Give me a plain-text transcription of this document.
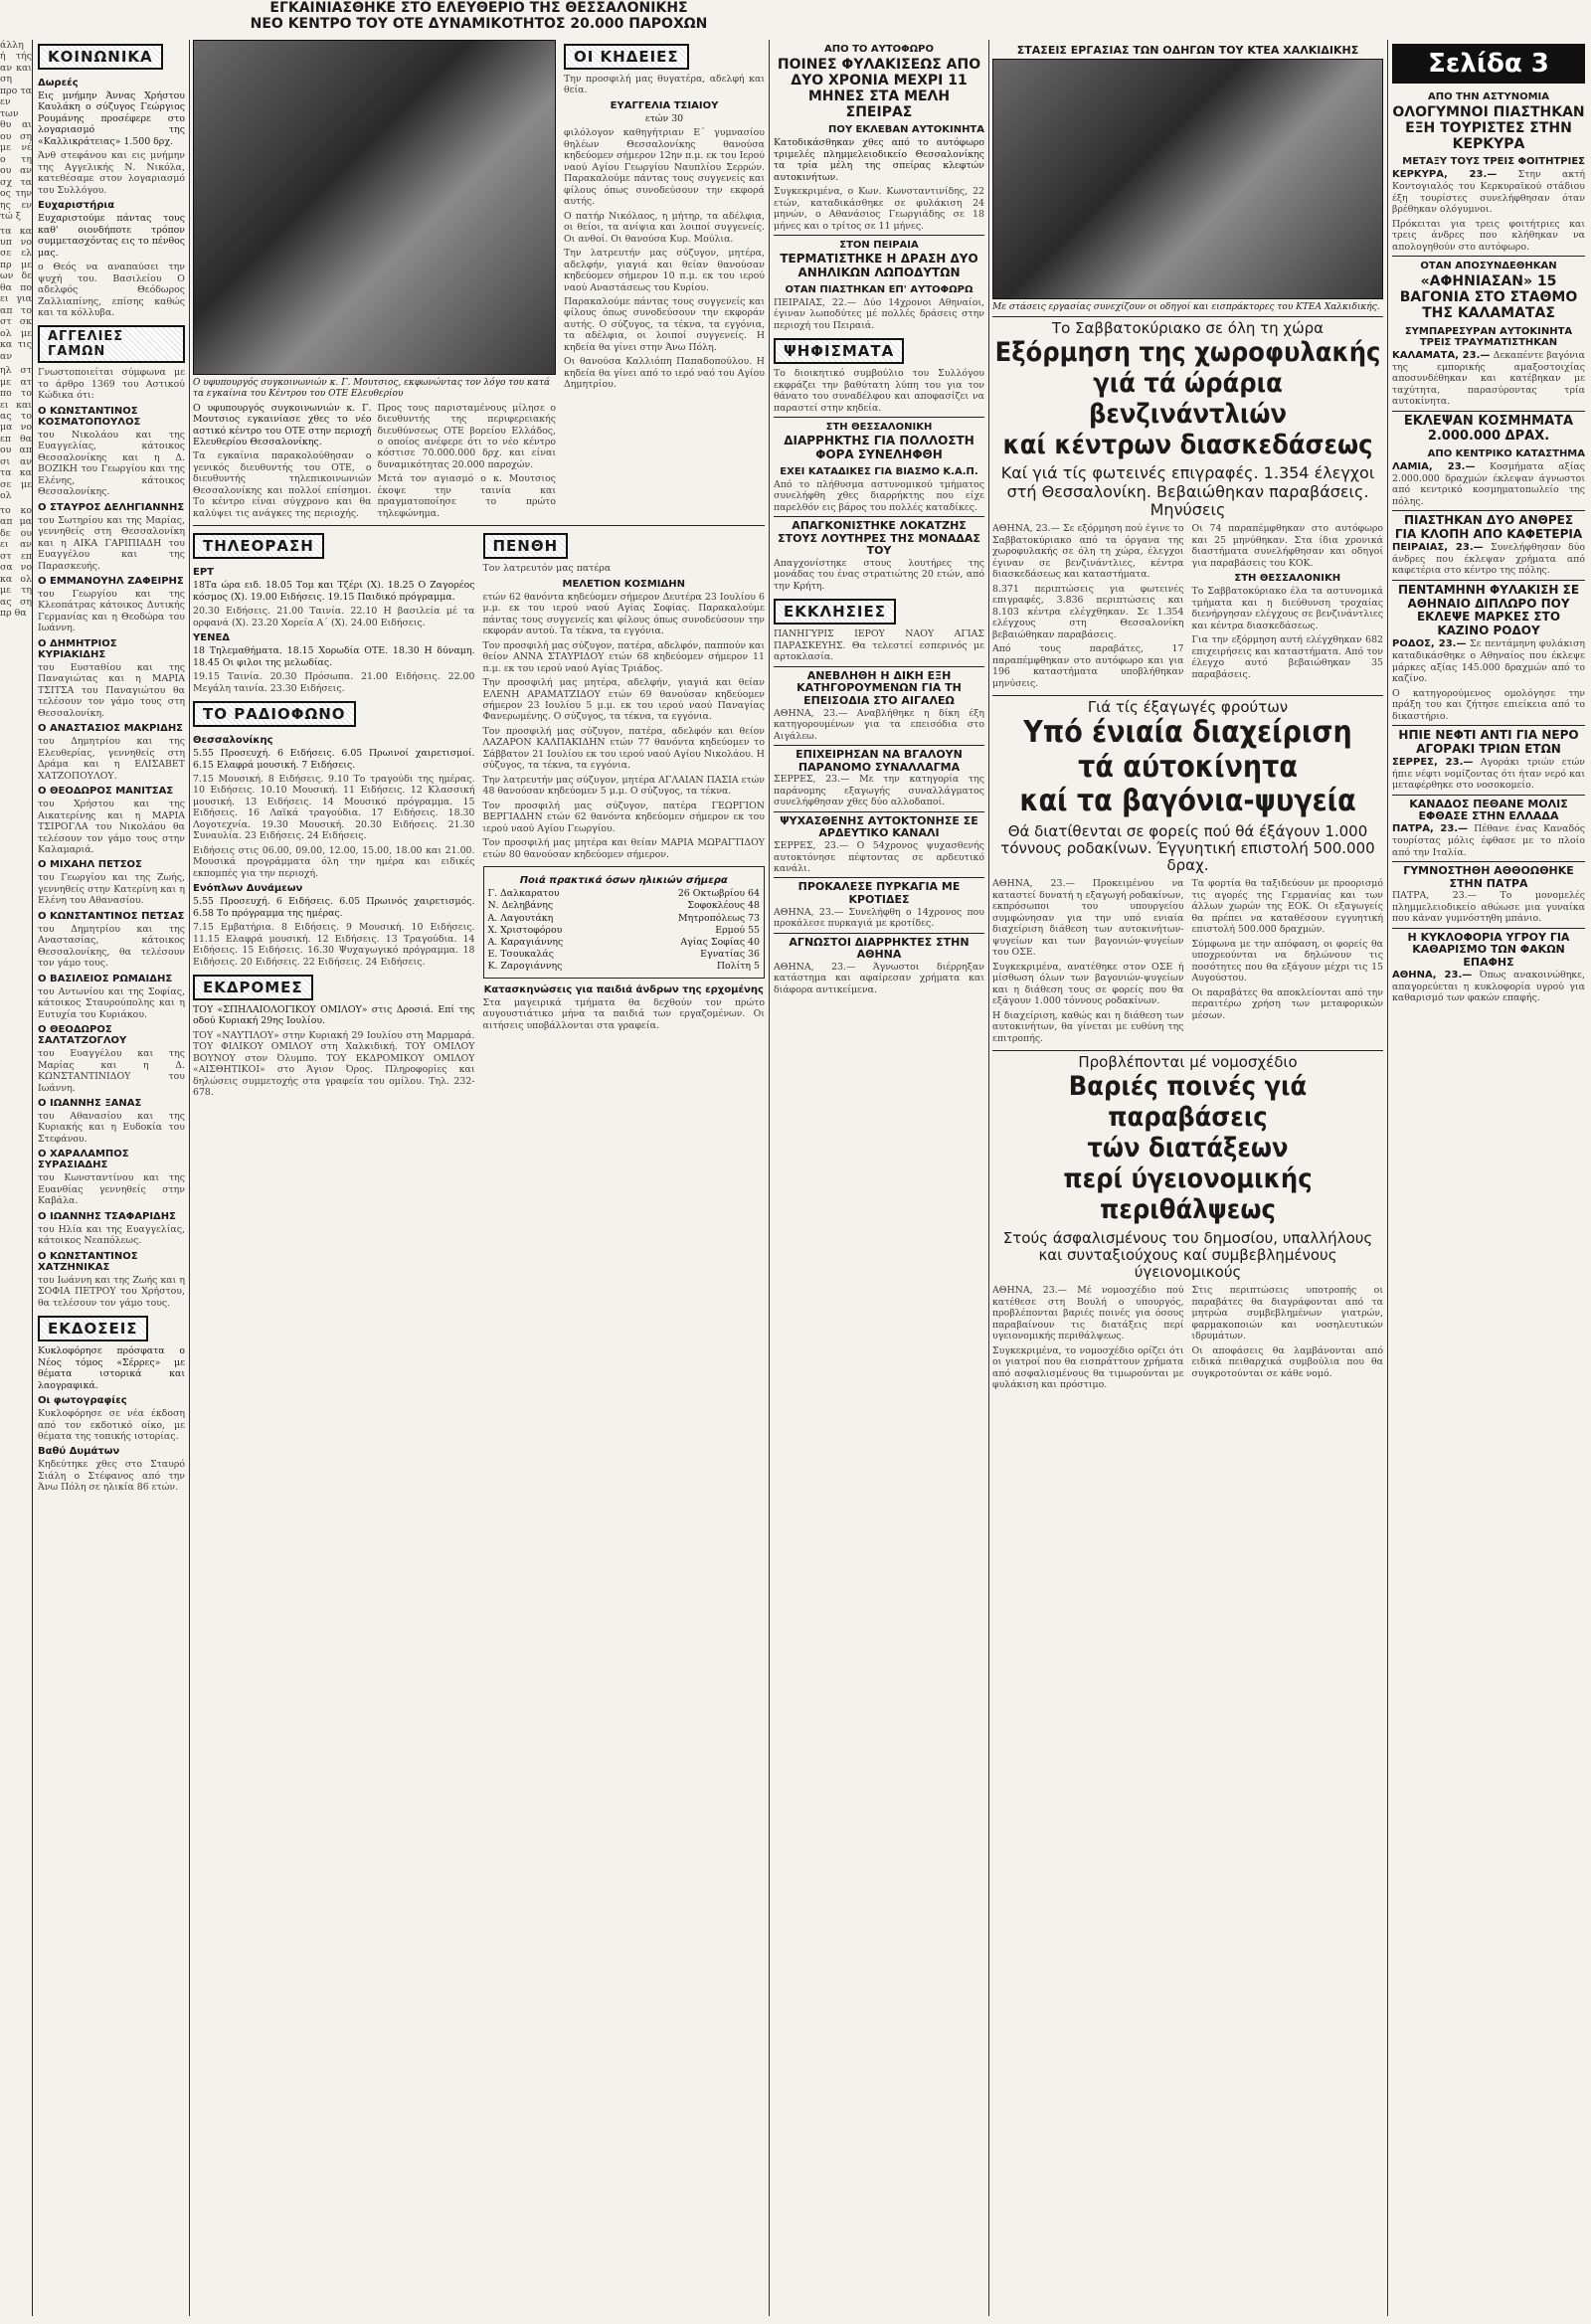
άλλη ή τής αν και ση προ τα εν των θυ αι ου ση με νέ ο τη ου αν σχ τα ος την ης εν τώ ξ

τα κα υπ νο σε ελ πρ με ων δε θα πο ει για απ το στ σκ ολ με κα τις αν

ηλ στ με ατ πο το ει και ας το μα νο επ θα ου απ σι αν τα κα σε με ολ

το κο απ μα δε ου ει αν στ επ σα νο κα ολ με τη ας ση πρ θα

ΚΟΙΝΩΝΙΚΑ
Δωρεές

Εις μνήμην Άννας Χρήστου Καυλάκη ο σύζυγος Γεώργιος Ρουμάνης προσέφερε στο λογαριασμό της «Καλλικράτειας» 1.500 δρχ.

Άνθ στεφάνου και εις μνήμην της Αγγελικής Ν. Νικόλα, κατεθέσαμε στον λογαριασμό του Συλλόγου.

Ευχαριστήρια

Ευχαριστούμε πάντας τους καθ' οιονδήποτε τρόπον συμμετασχόντας εις το πένθος μας.

ο Θεός να αναπαύσει την ψυχή του. Βασιλείου Ο αδελφός Θεόδωρος Ζαλλιαπίνης, επίσης καθώς και τα κόλλυβα.

ΑΓΓΕΛΙΕΣ ΓΑΜΩΝ

Γνωστοποιείται σύμφωνα με το άρθρο 1369 του Αστικού Κώδικα ότι:

Ο ΚΩΝΣΤΑΝΤΙΝΟΣ ΚΟΣΜΑΤΟΠΟΥΛΟΣ

του Νικολάου και της Ευαγγελίας, κάτοικος Θεσσαλονίκης και η Δ. ΒΟΖΙΚΗ του Γεωργίου και της Ελένης, κάτοικος Θεσσαλονίκης.

Ο ΣΤΑΥΡΟΣ ΔΕΛΗΓΙΑΝΝΗΣ

του Σωτηρίου και της Μαρίας, γεννηθείς στη Θεσσαλονίκη και η ΑΙΚΑ ΓΑΡΙΠΙΑΔΗ του Ευαγγέλου και της Παρασκευής.

Ο ΕΜΜΑΝΟΥΗΛ ΖΑΦΕΙΡΗΣ

του Γεωργίου και της Κλεοπάτρας κάτοικος Δυτικής Γερμανίας και η Θεοδώρα του Ιωάννη.

Ο ΔΗΜΗΤΡΙΟΣ ΚΥΡΙΑΚΙΔΗΣ

του Ευσταθίου και της Παναγιώτας και η ΜΑΡΙΑ ΤΣΙΤΣΑ του Παναγιώτου θα τελέσουν τον γάμο τους στη Θεσσαλονίκη.

Ο ΑΝΑΣΤΑΣΙΟΣ ΜΑΚΡΙΔΗΣ

του Δημητρίου και της Ελευθερίας, γεννηθείς στη Δράμα και η ΕΛΙΣΑΒΕΤ ΧΑΤΖΟΠΟΥΛΟΥ.

Ο ΘΕΟΔΩΡΟΣ ΜΑΝΙΤΣΑΣ

του Χρήστου και της Αικατερίνης και η ΜΑΡΙΑ ΤΣΙΡΟΓΛΑ του Νικολάου θα τελέσουν τον γάμο τους στην Καλαμαριά.

Ο ΜΙΧΑΗΛ ΠΕΤΣΟΣ

του Γεωργίου και της Ζωής, γεννηθείς στην Κατερίνη και η Ελένη του Αθανασίου.

Ο ΚΩΝΣΤΑΝΤΙΝΟΣ ΠΕΤΣΑΣ

του Δημητρίου και της Αναστασίας, κάτοικος Θεσσαλονίκης, θα τελέσουν τον γάμο τους.

Ο ΒΑΣΙΛΕΙΟΣ ΡΩΜΑΙΔΗΣ

του Αντωνίου και της Σοφίας, κάτοικος Σταυρούπολης και η Ευτυχία του Κυριάκου.

Ο ΘΕΟΔΩΡΟΣ ΣΑΛΤΑΤΖΟΓΛΟΥ

του Ευαγγέλου και της Μαρίας και η Δ. ΚΩΝΣΤΑΝΤΙΝΙΔΟΥ του Ιωάννη.

Ο ΙΩΑΝΝΗΣ ΞΑΝΑΣ

του Αθανασίου και της Κυριακής και η Ευδοκία του Στεφάνου.

Ο ΧΑΡΑΛΑΜΠΟΣ ΣΥΡΑΣΙΑΔΗΣ

του Κωνσταντίνου και της Ευανθίας γεννηθείς στην Καβάλα.

Ο ΙΩΑΝΝΗΣ ΤΣΑΦΑΡΙΔΗΣ

του Ηλία και της Ευαγγελίας, κάτοικος Νεαπόλεως.

Ο ΚΩΝΣΤΑΝΤΙΝΟΣ ΧΑΤΖΗΝΙΚΑΣ

του Ιωάννη και της Ζωής και η ΣΟΦΙΑ ΠΕΤΡΟΥ του Χρήστου, θα τελέσουν τον γάμο τους.

ΕΚΔΟΣΕΙΣ

Κυκλοφόρησε πρόσφατα ο Νέος τόμος «Σέρρες» με θέματα ιστορικά και λαογραφικά.

Οι φωτογραφίες

Κυκλοφόρησε σε νέα έκδοση από τον εκδοτικό οίκο, με θέματα της τοπικής ιστορίας.

Βαθύ Δυμάτων

Κηδεύτηκε χθες στο Σταυρό Σιάλη ο Στέφανος από την Άνω Πόλη σε ηλικία 86 ετών.

ΕΓΚΑΙΝΙΑΣΘΗΚΕ ΣΤΟ ΕΛΕΥΘΕΡΙΟ ΤΗΣ ΘΕΣΣΑΛΟΝΙΚΗΣ
ΝΕΟ ΚΕΝΤΡΟ ΤΟΥ ΟΤΕ ΔΥΝΑΜΙΚΟΤΗΤΟΣ 20.000 ΠΑΡΟΧΩΝ

Ο υφυπουργός συγκοινωνιών κ. Γ. Μουτσιος, εκφωνώντας τον λόγο του κατά τα εγκαίνια του Κέντρου του ΟΤΕ Ελευθερίου

Ο υφυπουργός συγκοινωνιών κ. Γ. Μουτσιος εγκαινίασε χθες το νέο αστικό κέντρο του ΟΤΕ στην περιοχή Ελευθερίου Θεσσαλονίκης.

Τα εγκαίνια παρακολούθησαν ο γενικός διευθυντής του ΟΤΕ, ο διευθυντής τηλεπικοινωνιών Θεσσαλονίκης και πολλοί επίσημοι. Το κέντρο είναι σύγχρονο και θα καλύψει τις ανάγκες της περιοχής.

Προς τους παρισταμένους μίλησε ο διευθυντής της περιφερειακής διευθύνσεως ΟΤΕ βορείου Ελλάδος, ο οποίος ανέφερε ότι το νέο κέντρο κόστισε 70.000.000 δρχ. και είναι δυναμικότητας 20.000 παροχών.

Μετά τον αγιασμό ο κ. Μουτσιος έκοψε την ταινία και πραγματοποίησε το πρώτο τηλεφώνημα.

ΟΙ ΚΗΔΕΙΕΣ

Την προσφιλή μας θυγατέρα, αδελφή και θεία.

ΕΥΑΓΓΕΛΙΑ ΤΣΙΑΙΟΥ
ετών 30

φιλόλογον καθηγήτριαν Ε΄ γυμνασίου θηλέων Θεσσαλονίκης θανούσα κηδεύομεν σήμερον 12ην π.μ. εκ του Ιερού ναού Αγίου Γεωργίου Ναυπλίου Σερρών. Παρακαλούμε πάντας τους συγγενείς και φίλους όπως συνοδεύσουν την εκφορά αυτής.

Ο πατήρ Νικόλαος, η μήτηρ, τα αδέλφια, οι θείοι, τα ανίψια και λοιποί συγγενείς. Οι ανθοί. Οι θανούσα Κυρ. Μούλια.

Την λατρευτήν μας σύζυγον, μητέρα, αδελφήν, γιαγιά και θείαν θανούσαν κηδεύομεν σήμερον 10 π.μ. εκ του ιερού ναού Αναστάσεως του Κυρίου.

Παρακαλούμε πάντας τους συγγενείς και φίλους όπως συνοδεύσουν την εκφοράν αυτής. Ο σύζυγος, τα τέκνα, τα εγγόνια, τα αδέλφια, οι λοιποί συγγενείς. Η κηδεία θα γίνει στην Άνω Πόλη.

Οι θανούσα Καλλιόπη Παπαδοπούλου. Η κηδεία θα γίνει από το ιερό ναό του Αγίου Δημητρίου.

ΤΗΛΕΟΡΑΣΗ
ΕΡΤ

18Τα ώρα ειδ. 18.05 Τομ και Τζέρι (Χ). 18.25 Ο Ζαγορέος κόσμος (Χ). 19.00 Ειδήσεις. 19.15 Παιδικό πρόγραμμα.

20.30 Ειδήσεις. 21.00 Ταινία. 22.10 Η βασιλεία μέ τα ορφανά (Χ). 23.20 Χορεία Α΄ (Χ). 24.00 Ειδήσεις.

ΥΕΝΕΔ

18 Τηλεμαθήματα. 18.15 Χορωδία ΟΤΕ. 18.30 Η δύναμη. 18.45 Οι φιλοι της μελωδίας.

19.15 Ταινία. 20.30 Πρόσωπα. 21.00 Ειδήσεις. 22.00 Μεγάλη ταινία. 23.30 Ειδήσεις.

ΤΟ ΡΑΔΙΟΦΩΝΟ
Θεσσαλονίκης

5.55 Προσευχή. 6 Ειδήσεις. 6.05 Πρωινοί χαιρετισμοί. 6.15 Ελαφρά μουσική. 7 Ειδήσεις.

7.15 Μουσική. 8 Ειδήσεις. 9.10 Το τραγούδι της ημέρας. 10 Ειδήσεις. 10.10 Μουσική. 11 Ειδήσεις. 12 Κλασσική μουσική. 13 Ειδήσεις. 14 Μουσικό πρόγραμμα. 15 Ειδήσεις. 16 Λαϊκά τραγούδια. 17 Ειδήσεις. 18.30 Λογοτεχνία. 19.30 Μουσική. 20.30 Ειδήσεις. 21.30 Συναυλία. 23 Ειδήσεις. 24 Ειδήσεις.

Ειδήσεις στις 06.00, 09.00, 12.00, 15.00, 18.00 και 21.00. Μουσικά προγράμματα όλη την ημέρα και ειδικές εκπομπές για την περιοχή.

Ενόπλων Δυνάμεων

5.55 Προσευχή. 6 Ειδήσεις. 6.05 Πρωινός χαιρετισμός. 6.58 Το πρόγραμμα της ημέρας.

7.15 Εμβατήρια. 8 Ειδήσεις. 9 Μουσική. 10 Ειδήσεις. 11.15 Ελαφρά μουσική. 12 Ειδήσεις. 13 Τραγούδια. 14 Ειδήσεις. 15 Ειδήσεις. 16.30 Ψυχαγωγικό πρόγραμμα. 18 Ειδήσεις. 20 Ειδήσεις. 22 Ειδήσεις. 24 Ειδήσεις.

ΕΚΔΡΟΜΕΣ

ΤΟΥ «ΣΠΗΛΑΙΟΛΟΓΙΚΟΥ ΟΜΙΛΟΥ» στις Δροσιά. Επί της οδού Κυριακή 29ης Ιουλίου.

ΤΟΥ «ΝΑΥΤΙΛΟΥ» στην Κυριακή 29 Ιουλίου στη Μαρμαρά. ΤΟΥ ΦΙΛΙΚΟΥ ΟΜΙΛΟΥ στη Χαλκιδική. ΤΟΥ ΟΜΙΛΟΥ ΒΟΥΝΟΥ στον Όλυμπο. ΤΟΥ ΕΚΔΡΟΜΙΚΟΥ ΟΜΙΛΟΥ «ΑΙΣΘΗΤΙΚΟΙ» στο Άγιον Όρος. Πληροφορίες και δηλώσεις συμμετοχής στα γραφεία του ομίλου. Τηλ. 232-678.

ΠΕΝΘΗ

Τον λατρευτόν μας πατέρα

ΜΕΛΕΤΙΟΝ ΚΟΣΜΙΔΗΝ

ετών 62 θανόντα κηδεύομεν σήμερον Δευτέρα 23 Ιουλίου 6 μ.μ. εκ του ιερού ναού Αγίας Σοφίας. Παρακαλούμε πάντας τους συγγενείς και φίλους όπως συνοδεύσουν την εκφοράν αυτού. Τα τέκνα, τα εγγόνια.

Τον προσφιλή μας σύζυγον, πατέρα, αδελφόν, παππούν και θείον ΑΝΝΑ ΣΤΑΥΡΙΔΟΥ ετών 68 κηδεύομεν σήμερον 11 π.μ. εκ του ιερού ναού Αγίας Τριάδος.

Την προσφιλή μας μητέρα, αδελφήν, γιαγιά και θείαν ΕΛΕΝΗ ΑΡΑΜΑΤΖΙΔΟΥ ετών 69 θανούσαν κηδεύομεν σήμερον 23 Ιουλίου 5 μ.μ. εκ του ιερού ναού Παναγίας Φανερωμένης. Ο σύζυγος, τα τέκνα, τα εγγόνια.

Τον προσφιλή μας σύζυγον, πατέρα, αδελφόν και θείον ΛΑΖΑΡΟΝ ΚΑΛΠΑΚΙΔΗΝ ετών 77 θανόντα κηδεύομεν το Σάββατον 21 Ιουλίου εκ του ιερού ναού Αγίου Νικολάου. Η σύζυγος, τα τέκνα, τα εγγόνια.

Την λατρευτήν μας σύζυγον, μητέρα ΑΓΛΑΙΑΝ ΠΑΣΙΑ ετών 48 θανούσαν κηδεύομεν 5 μ.μ. Ο σύζυγος, τα τέκνα.

Τον προσφιλή μας σύζυγον, πατέρα ΓΕΩΡΓΙΟΝ ΒΕΡΓΙΑΔΗΝ ετών 62 θανόντα κηδεύομεν σήμερον εκ του ιερού ναού Αγίου Γεωργίου.

Τον προσφιλή μας μητέρα και θείαν ΜΑΡΙΑ ΜΩΡΑΓΤΙΔΟΥ ετών 80 θανούσαν κηδεύομεν σήμερον.

Ποιά πρακτικά όσων ηλικιών σήμερα
Γ. Δαλκαρατου	26 Οκτωβρίου 64
Ν. Δεληβάνης	Σοφοκλέους 48
Α. Λαγουτάκη	Μητροπόλεως 73
Χ. Χριστοφόρου	Ερμού 55
Α. Καραγιάννης	Αγίας Σοφίας 40
Ε. Τσουκαλάς	Εγνατίας 36
Κ. Ζαρογιάννης	Πολίτη 5
Κατασκηνώσεις για παιδιά άνδρων της ερχομένης

Στα μαγειρικά τμήματα θα δεχθούν τον πρώτο αυγουστιάτικο μήνα τα παιδιά των εργαζομένων. Οι αιτήσεις υποβάλλονται στα γραφεία.

ΑΠΟ ΤΟ ΑΥΤΟΦΩΡΟ
ΠΟΙΝΕΣ ΦΥΛΑΚΙΣΕΩΣ ΑΠΟ ΔΥΟ ΧΡΟΝΙΑ ΜΕΧΡΙ 11 ΜΗΝΕΣ ΣΤΑ ΜΕΛΗ ΣΠΕΙΡΑΣ
ΠΟΥ ΕΚΛΕΒΑΝ ΑΥΤΟΚΙΝΗΤΑ

Κατοδικάσθηκαν χθες από το αυτόφωρο τριμελές πλημμελειοδικείο Θεσσαλονίκης τα τρία μέλη της σπείρας κλεφτών αυτοκινήτων.

Συγκεκριμένα, ο Κων. Κωνσταντινίδης, 22 ετών, καταδικάσθηκε σε φυλάκιση 24 μηνών, ο Αθανάσιος Γεωργιάδης σε 18 μήνες και ο τρίτος σε 11 μήνες.

ΣΤΟΝ ΠΕΙΡΑΙΑ
ΤΕΡΜΑΤΙΣΤΗΚΕ Η ΔΡΑΣΗ ΔΥΟ ΑΝΗΛΙΚΩΝ ΛΩΠΟΔΥΤΩΝ
ΟΤΑΝ ΠΙΑΣΤΗΚΑΝ ΕΠ' ΑΥΤΟΦΩΡΩ

ΠΕΙΡΑΙΑΣ, 22.— Δύο 14χρονοι Αθηναίοι, έγιναν λωποδύτες μέ πολλές δράσεις στην περιοχή του Πειραιά.

ΨΗΦΙΣΜΑΤΑ

Το διοικητικό συμβούλιο του Συλλόγου εκφράζει την βαθύτατη λύπη του για τον θάνατο του συναδέλφου και αποφασίζει να παραστεί στην κηδεία.

ΣΤΗ ΘΕΣΣΑΛΟΝΙΚΗ
ΔΙΑΡΡΗΚΤΗΣ ΓΙΑ ΠΟΛΛΟΣΤΗ ΦΟΡΑ ΣΥΝΕΛΗΦΘΗ
ΕΧΕΙ ΚΑΤΑΔΙΚΕΣ ΓΙΑ ΒΙΑΣΜΟ Κ.Α.Π.

Από το πλήθυσμα αστυνομικού τμήματος συνελήφθη χθες διαρρήκτης που είχε παρελθόν εις βάρος του πολλές καταδίκες.

ΑΠΑΓΚΟΝΙΣΤΗΚΕ ΛΟΚΑΤΖΗΣ ΣΤΟΥΣ ΛΟΥΤΗΡΕΣ ΤΗΣ ΜΟΝΑΔΑΣ ΤΟΥ

Απαγχονίστηκε στους λουτήρες της μονάδας του ένας στρατιώτης 20 ετών, από την Κρήτη.

ΕΚΚΛΗΣΙΕΣ

ΠΑΝΗΓΥΡΙΣ ΙΕΡΟΥ ΝΑΟΥ ΑΓΙΑΣ ΠΑΡΑΣΚΕΥΗΣ. Θα τελεστεί εσπερινός με αρτοκλασία.

ΑΝΕΒΛΗΘΗ Η ΔΙΚΗ ΕΞΗ ΚΑΤΗΓΟΡΟΥΜΕΝΩΝ ΓΙΑ ΤΗ ΕΠΕΙΣΟΔΙΑ ΣΤΟ ΑΙΓΑΛΕΩ

ΑΘΗΝΑ, 23.— Αναβλήθηκε η δίκη έξη κατηγορουμένων για τα επεισόδια στο Αιγάλεω.

ΕΠΙΧΕΙΡΗΣΑΝ ΝΑ ΒΓΑΛΟΥΝ ΠΑΡΑΝΟΜΟ ΣΥΝΑΛΛΑΓΜΑ

ΣΕΡΡΕΣ, 23.— Με την κατηγορία της παράνομης εξαγωγής συναλλάγματος συνελήφθησαν χθες δύο αλλοδαποί.

ΨΥΧΑΣΘΕΝΗΣ ΑΥΤΟΚΤΟΝΗΣΕ ΣΕ ΑΡΔΕΥΤΙΚΟ ΚΑΝΑΛΙ

ΣΕΡΡΕΣ, 23.— Ο 54χρονος ψυχασθενής αυτοκτόνησε πέφτοντας σε αρδευτικό κανάλι.

ΠΡΟΚΑΛΕΣΕ ΠΥΡΚΑΓΙΑ ΜΕ ΚΡΟΤΙΔΕΣ

ΑΘΗΝΑ, 23.— Συνελήφθη ο 14χρονος που προκάλεσε πυρκαγιά με κροτίδες.

ΑΓΝΩΣΤΟΙ ΔΙΑΡΡΗΚΤΕΣ ΣΤΗΝ ΑΘΗΝΑ

ΑΘΗΝΑ, 23.— Άγνωστοι διέρρηξαν κατάστημα και αφαίρεσαν χρήματα και διάφορα αντικείμενα.

ΣΤΑΣΕΙΣ ΕΡΓΑΣΙΑΣ ΤΩΝ ΟΔΗΓΩΝ ΤΟΥ ΚΤΕΑ ΧΑΛΚΙΔΙΚΗΣ

Με στάσεις εργασίας συνεχίζουν οι οδηγοί και εισπράκτορες του ΚΤΕΑ Χαλκιδικής.

Το Σαββατοκύριακο σε όλη τη χώρα
Εξόρμηση της χωροφυλακής
γιά τά ώράρια βενζινάντλιών
καί κέντρων διασκεδάσεως
Καί γιά τίς φωτεινές επιγραφές. 1.354 έλεγχοι στή Θεσσαλονίκη. Βεβαιώθηκαν παραβάσεις. Μηνύσεις

ΑΘΗΝΑ, 23.— Σε εξόρμηση πού έγινε το Σαββατοκύριακο από τα όργανα της χωροφυλακής σε όλη τη χώρα, έλεγχοι έγιναν σε βενζινάντλιες, κέντρα διασκεδάσεως και καταστήματα.

8.371 περιπτώσεις για φωτεινές επιγραφές, 3.836 περιπτώσεις και 8.103 κέντρα ελέγχθηκαν. Σε 1.354 ελέγχους στη Θεσσαλονίκη βεβαιώθηκαν παραβάσεις.

Από τους παραβάτες, 17 παραπέμφθηκαν στο αυτόφωρο και για 196 καταστήματα υποβλήθηκαν μηνύσεις.

Οι 74 παραπέμφθηκαν στο αυτόφωρο και 25 μηνύθηκαν. Στα ίδια χρονικά διαστήματα συνελήφθησαν και οδηγοί για παραβάσεις του ΚΟΚ.

ΣΤΗ ΘΕΣΣΑΛΟΝΙΚΗ

Το Σαββατοκύριακο έλα τα αστυνομικά τμήματα και η διεύθυνση τροχαίας διενήργησαν ελέγχους σε βενζινάντλιες και κέντρα διασκεδάσεως.

Για την εξόρμηση αυτή ελέγχθηκαν 682 επιχειρήσεις και καταστήματα. Από τον έλεγχο αυτό βεβαιώθηκαν 35 παραβάσεις.

Γιά τίς έξαγωγές φρούτων
Υπό ένιαία διαχείριση
τά αύτοκίνητα
καί τα βαγόνια-ψυγεία
Θά διατίθενται σε φορείς πού θά έξάγουν 1.000 τόννους ροδακίνων. Έγγυητική επιστολή 500.000 δραχ.

ΑΘΗΝΑ, 23.— Προκειμένου να καταστεί δυνατή η εξαγωγή ροδακίνων, εκπρόσωποι του υπουργείου συμφώνησαν για την υπό ενιαία διαχείριση διάθεση των αυτοκινήτων-ψυγείων και των βαγονιών-ψυγείων του ΟΣΕ.

Συγκεκριμένα, ανατέθηκε στον ΟΣΕ ή μίσθωση όλων των βαγονιών-ψυγείων και η διάθεση τους σε φορείς που θα εξάγουν 1.000 τόννους ροδακίνων.

Η διαχείριση, καθώς και η διάθεση των αυτοκινήτων, θα γίνεται με ευθύνη της επιτροπής.

Τα φορτία θα ταξιδεύουν με προορισμό τις αγορές της Γερμανίας και των άλλων χωρών της ΕΟΚ. Οι εξαγωγείς θα πρέπει να καταθέσουν εγγυητική επιστολή 500.000 δραχμών.

Σύμφωνα με την απόφαση, οι φορείς θα υποχρεούνται να δηλώνουν τις ποσότητες που θα εξάγουν μέχρι τις 15 Αυγούστου.

Οι παραβάτες θα αποκλείονται από την περαιτέρω χρήση των μεταφορικών μέσων.

Προβλέπονται μέ νομοσχέδιο
Βαριές ποινές γιά παραβάσεις
τών διατάξεων
περί ύγειονομικής περιθάλψεως
Στούς άσφαλισμένους του δημοσίου, υπαλλήλους και συνταξιούχους καί συμβεβλημένους ύγειονομικούς

ΑΘΗΝΑ, 23.— Μέ νομοσχέδιο πού κατέθεσε στη Βουλή ο υπουργός, προβλέπονται βαριές ποινές για όσους παραβαίνουν τις διατάξεις περί υγειονομικής περιθάλψεως.

Συγκεκριμένα, το νομοσχέδιο ορίζει ότι οι γιατροί που θα εισπράττουν χρήματα από ασφαλισμένους θα τιμωρούνται με φυλάκιση και πρόστιμο.

Στις περιπτώσεις υποτροπής οι παραβάτες θα διαγράφονται από τα μητρώα συμβεβλημένων γιατρών, φαρμακοποιών και νοσηλευτικών ιδρυμάτων.

Οι αποφάσεις θα λαμβάνονται από ειδικά πειθαρχικά συμβούλια που θα συγκροτούνται σε κάθε νομό.

Σελίδα 3
ΑΠΟ ΤΗΝ ΑΣΤΥΝΟΜΙΑ
ΟΛΟΓΥΜΝΟΙ ΠΙΑΣΤΗΚΑΝ ΕΞΗ ΤΟΥΡΙΣΤΕΣ ΣΤΗΝ ΚΕΡΚΥΡΑ
ΜΕΤΑΞΥ ΤΟΥΣ ΤΡΕΙΣ ΦΟΙΤΗΤΡΙΕΣ

ΚΕΡΚΥΡΑ, 23.— Στην ακτή Κοντογιαλός του Κερκυραϊκού στάδιου έξη τουρίστες συνελήφθησαν όταν βρέθηκαν ολόγυμνοι.

Πρόκειται για τρεις φοιτήτριες και τρεις άνδρες που κλήθηκαν να απολογηθούν στο αυτόφωρο.

ΟΤΑΝ ΑΠΟΣΥΝΔΕΘΗΚΑΝ
«ΑΦΗΝΙΑΣΑΝ» 15 ΒΑΓΟΝΙΑ ΣΤΟ ΣΤΑΘΜΟ ΤΗΣ ΚΑΛΑΜΑΤΑΣ
ΣΥΜΠΑΡΕΣΥΡΑΝ ΑΥΤΟΚΙΝΗΤΑ ΤΡΕΙΣ ΤΡΑΥΜΑΤΙΣΤΗΚΑΝ

ΚΑΛΑΜΑΤΑ, 23.— Δεκαπέντε βαγόνια της εμπορικής αμαξοστοιχίας αποσυνδέθηκαν και κατέβηκαν με ταχύτητα, παρασύροντας τρία αυτοκίνητα.

ΕΚΛΕΨΑΝ ΚΟΣΜΗΜΑΤΑ 2.000.000 ΔΡΑΧ.
ΑΠΟ ΚΕΝΤΡΙΚΟ ΚΑΤΑΣΤΗΜΑ

ΛΑΜΙΑ, 23.— Κοσμήματα αξίας 2.000.000 δραχμών έκλεψαν άγνωστοι από κεντρικό κοσμηματοπωλείο της πόλης.

ΠΙΑΣΤΗΚΑΝ ΔΥΟ ΑΝΘΡΕΣ ΓΙΑ ΚΛΟΠΗ ΑΠΟ ΚΑΦΕΤΕΡΙΑ

ΠΕΙΡΑΙΑΣ, 23.— Συνελήφθησαν δύο άνδρες που έκλεψαν χρήματα από καφετέρια στο κέντρο της πόλης.

ΠΕΝΤΑΜΗΝΗ ΦΥΛΑΚΙΣΗ ΣΕ ΑΘΗΝΑΙΟ ΔΙΠΛΩΡΟ ΠΟΥ ΕΚΛΕΨΕ ΜΑΡΚΕΣ ΣΤΟ ΚΑΖΙΝΟ ΡΟΔΟΥ

ΡΟΔΟΣ, 23.— Σε πεντάμηνη φυλάκιση καταδικάσθηκε ο Αθηναίος που έκλεψε μάρκες αξίας 145.000 δραχμών από το καζίνο.

Ο κατηγορούμενος ομολόγησε την πράξη του και ζήτησε επιείκεια από το δικαστήριο.

ΗΠΙΕ ΝΕΦΤΙ ΑΝΤΙ ΓΙΑ ΝΕΡΟ ΑΓΟΡΑΚΙ ΤΡΙΩΝ ΕΤΩΝ

ΣΕΡΡΕΣ, 23.— Αγοράκι τριών ετών ήπιε νέφτι νομίζοντας ότι ήταν νερό και μεταφέρθηκε στο νοσοκομείο.

ΚΑΝΑΔΟΣ ΠΕΘΑΝΕ ΜΟΛΙΣ ΕΦΘΑΣΕ ΣΤΗΝ ΕΛΛΑΔΑ

ΠΑΤΡΑ, 23.— Πέθανε ένας Καναδός τουρίστας μόλις έφθασε με το πλοίο από την Ιταλία.

ΓΥΜΝΟΣΤΗΘΗ ΑΘΘΟΩΘΗΚΕ ΣΤΗΝ ΠΑΤΡΑ

ΠΑΤΡΑ, 23.— Το μονομελές πλημμελειοδικείο αθώωσε μια γυναίκα που κάναν γυμνόστηθη μπάνιο.

Η ΚΥΚΛΟΦΟΡΙΑ ΥΓΡΟΥ ΓΙΑ ΚΑΘΑΡΙΣΜΟ ΤΩΝ ΦΑΚΩΝ ΕΠΑΦΗΣ

ΑΘΗΝΑ, 23.— Όπως ανακοινώθηκε, απαγορεύεται η κυκλοφορία υγρού για καθαρισμό των φακών επαφής.
